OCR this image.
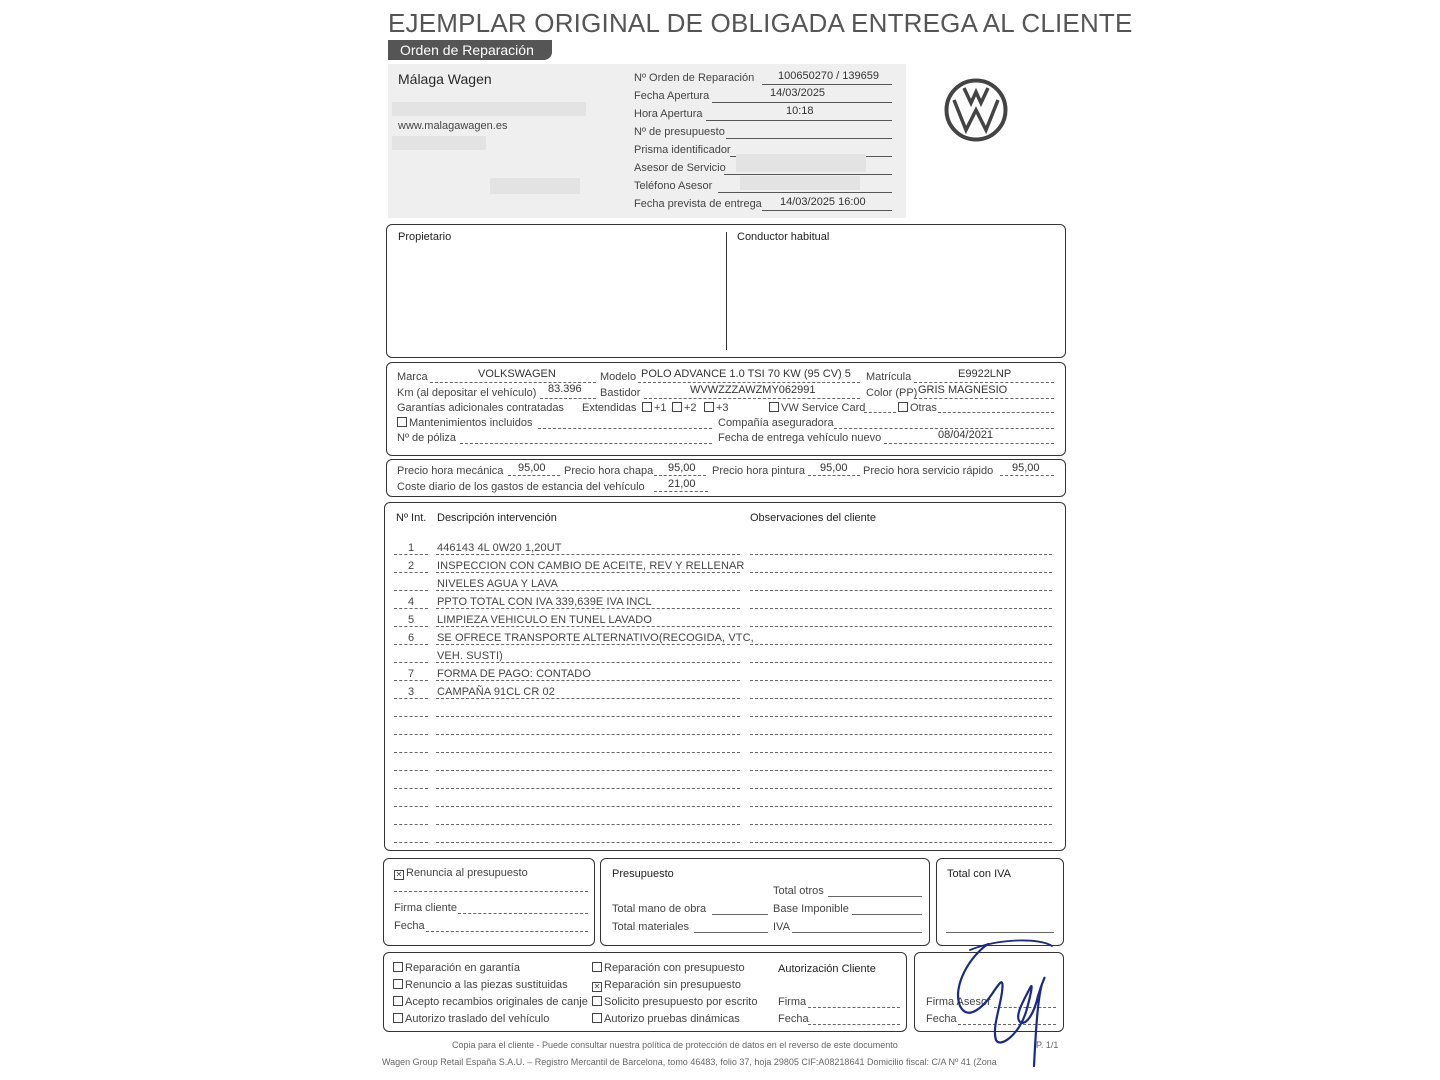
EJEMPLAR ORIGINAL DE OBLIGADA ENTREGA AL CLIENTE
Orden de Reparación
Málaga Wagen
www.malagawagen.es
Nº Orden de Reparación 100650270 / 139659
Fecha Apertura	14/03/2025
Hora Apertura	10:18
Nº de presupuesto
Prisma identificador
Asesor de Servicio
Teléfono Asesor
Fecha prevista de entrega 14/03/2025 16:00
Propietario	Conductor habitual
Marca	VOLKSWAGEN	Modelo POLO ADVANCE 1.0 TSI 70 KW (95 CV) 5 Matrícula	E9922LNP
Km (al depositar el vehículo) 83.396 Bastidor	WVWZZZAWZMY062991	Color (PP) GRIS MAGNESIO
Garantías adicionales contratadas Extendidas	+1	+2	+3	VW Service Card	Otras
Mantenimientos incluidos	Compañía aseguradora
Nº de póliza	Fecha de entrega vehículo nuevo	08/04/2021
Precio hora mecánica 95,00 Precio hora chapa 95,00 Precio hora pintura 95,00 Precio hora servicio rápido 95,00
Coste diario de los gastos de estancia del vehículo 21,00
Nº Int. Descripción intervención	Observaciones del cliente
1	446143 4L 0W20 1,20UT
2	INSPECCION CON CAMBIO DE ACEITE, REV Y RELLENAR
NIVELES AGUA Y LAVA
4	PPTO TOTAL CON IVA 339,639E IVA INCL
5	LIMPIEZA VEHICULO EN TUNEL LAVADO
6	SE OFRECE TRANSPORTE ALTERNATIVO(RECOGIDA, VTC,
VEH. SUSTI)
7	FORMA DE PAGO: CONTADO
3	CAMPAÑA 91CL CR 02
✕ Renuncia al presupuesto
Firma cliente
Fecha
Presupuesto
Total otros
Total mano de obra	Base Imponible
Total materiales	IVA
Total con IVA
Reparación en garantía
Renuncio a las piezas sustituidas
Acepto recambios originales de canje
Autorizo traslado del vehículo
Reparación con presupuesto
✕ Reparación sin presupuesto
Solicito presupuesto por escrito
Autorizo pruebas dinámicas
Autorización Cliente
Firma
Fecha
Firma Asesor
Fecha
Copia para el cliente - Puede consultar nuestra política de protección de datos en el reverso de este documento	P. 1/1
Wagen Group Retail España S.A.U. – Registro Mercantil de Barcelona, tomo 46483, folio 37, hoja 29805 CIF:A08218641 Domicilio fiscal: C/A Nº 41 (Zona
